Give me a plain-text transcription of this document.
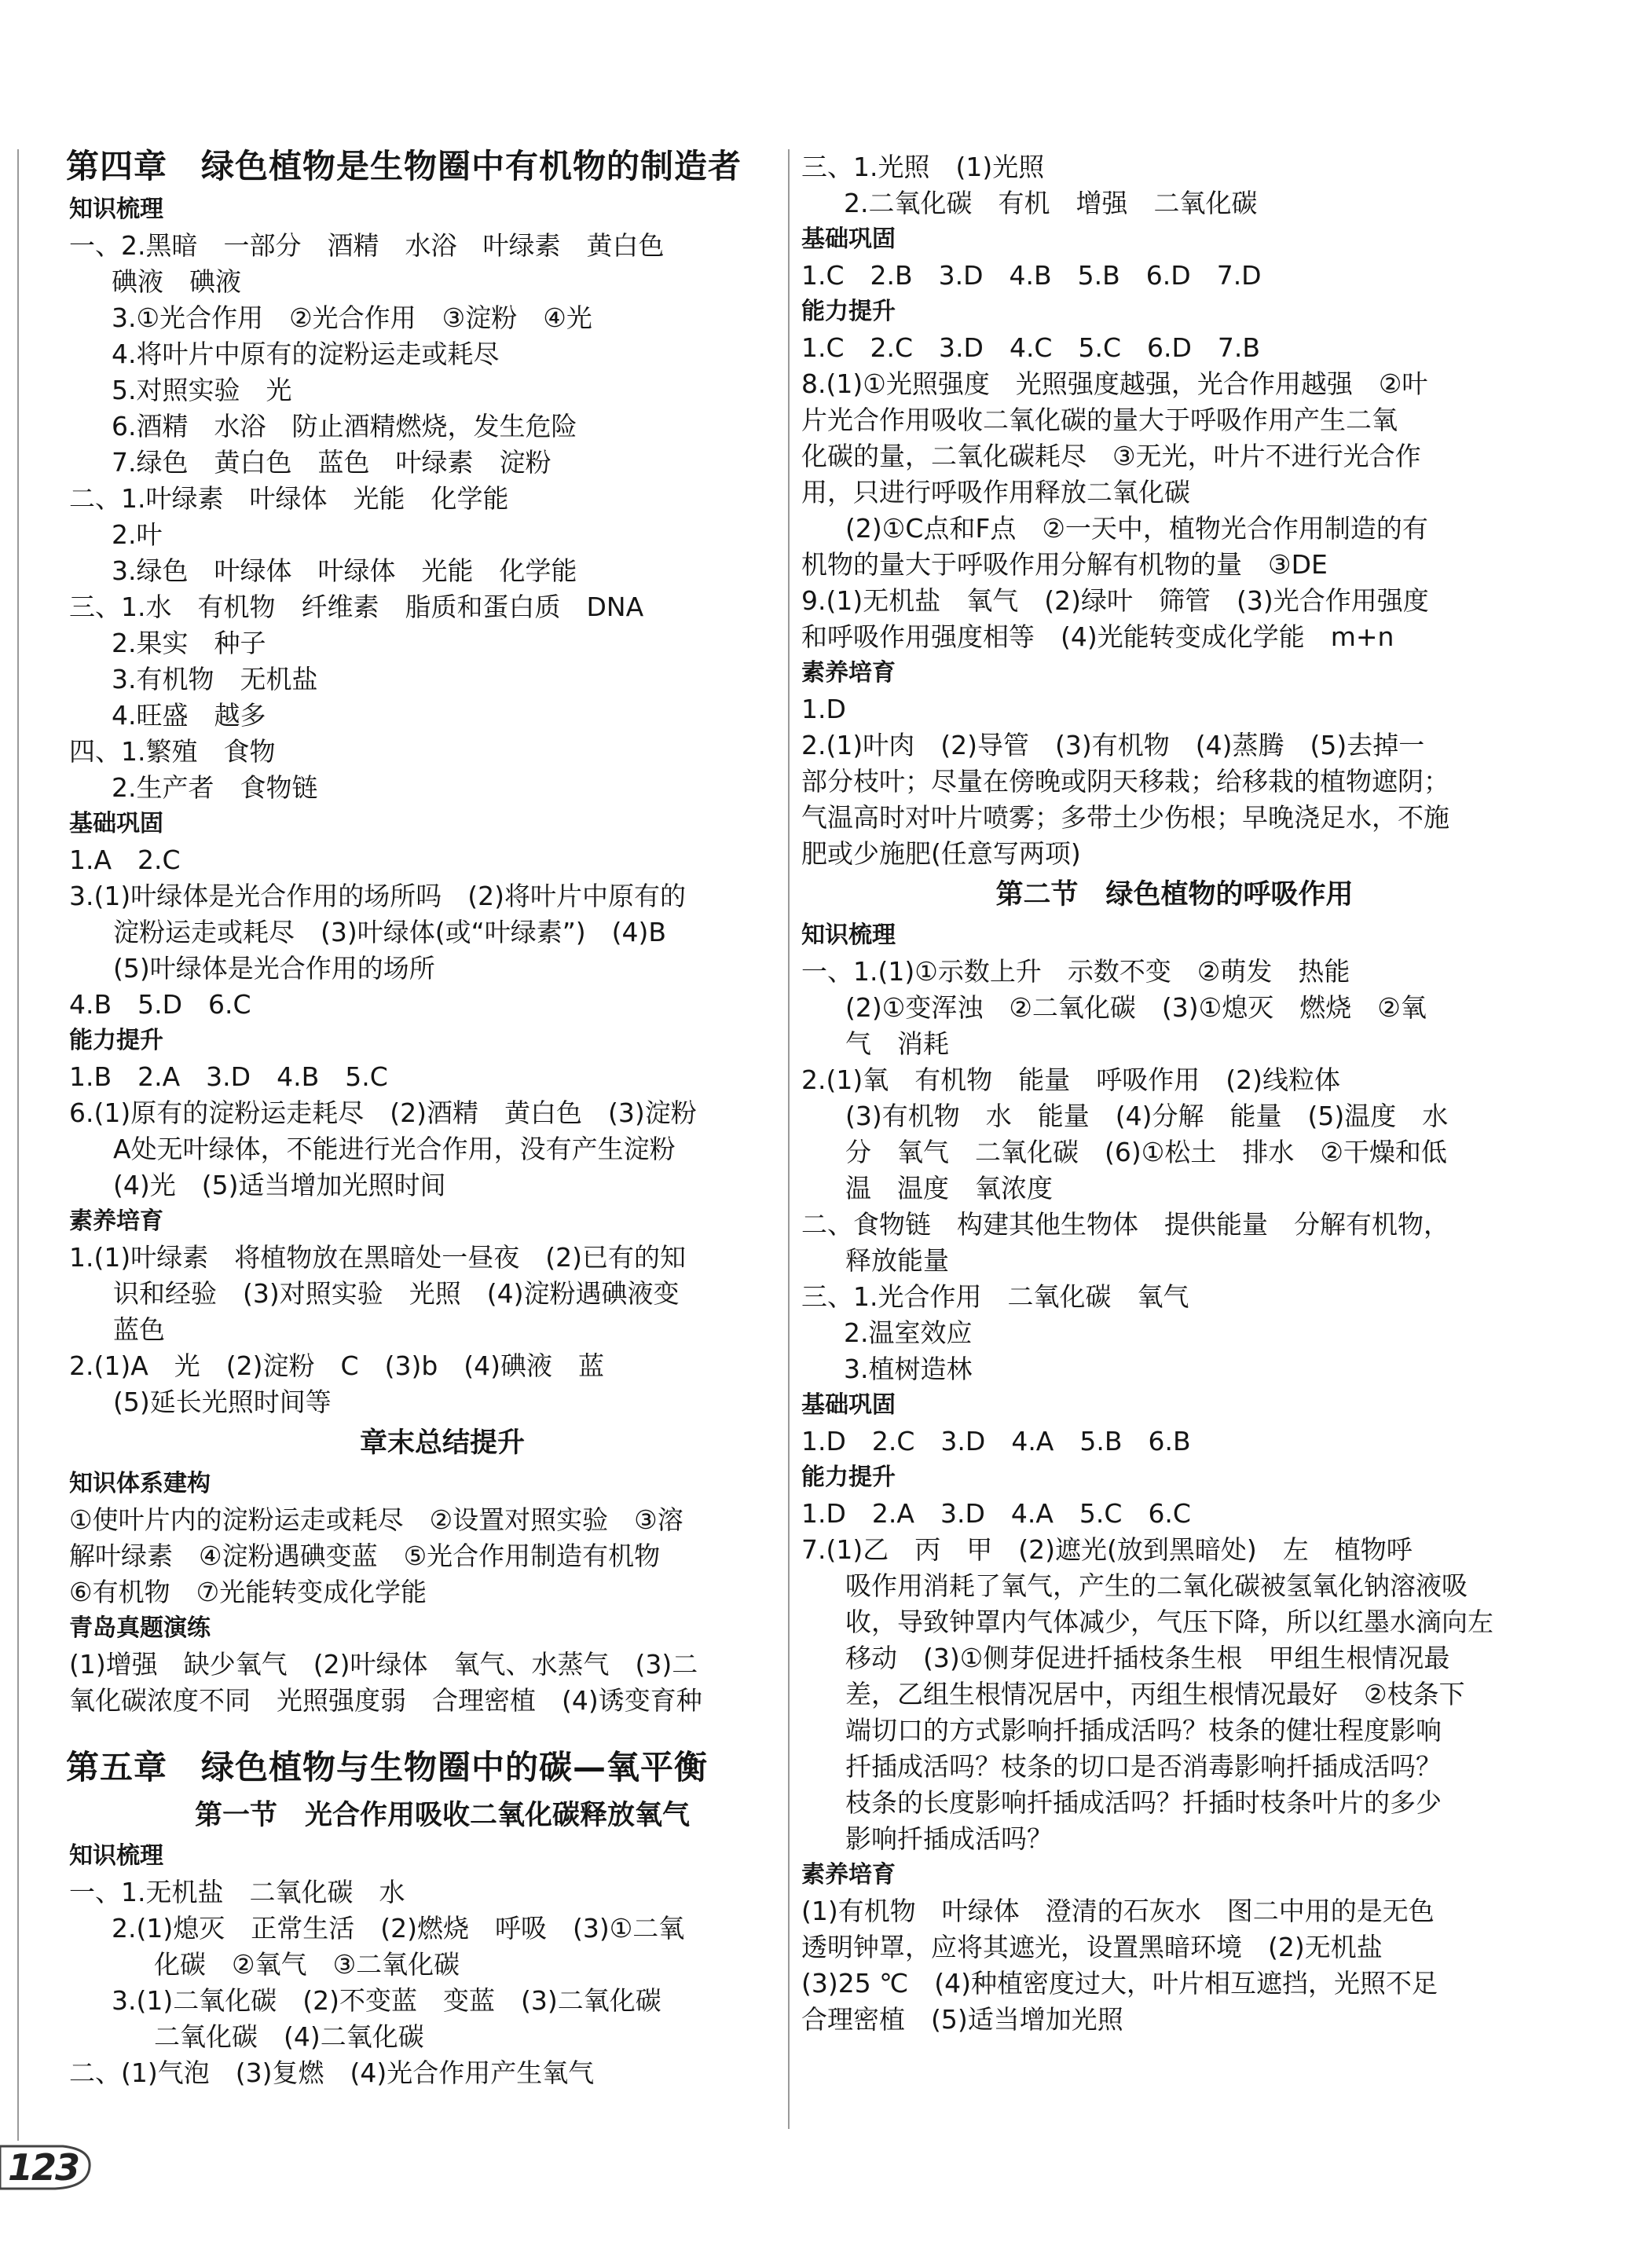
第四章　绿色植物是生物圈中有机物的制造者
知识梳理
一、2.黑暗　一部分　酒精　水浴　叶绿素　黄白色
碘液　碘液
3.①光合作用　②光合作用　③淀粉　④光
4.将叶片中原有的淀粉运走或耗尽
5.对照实验　光
6.酒精　水浴　防止酒精燃烧，发生危险
7.绿色　黄白色　蓝色　叶绿素　淀粉
二、1.叶绿素　叶绿体　光能　化学能
2.叶
3.绿色　叶绿体　叶绿体　光能　化学能
三、1.水　有机物　纤维素　脂质和蛋白质　DNA
2.果实　种子
3.有机物　无机盐
4.旺盛　越多
四、1.繁殖　食物
2.生产者　食物链
基础巩固
1.A　2.C
3.(1)叶绿体是光合作用的场所吗　(2)将叶片中原有的
淀粉运走或耗尽　(3)叶绿体(或“叶绿素”)　(4)B
(5)叶绿体是光合作用的场所
4.B　5.D　6.C
能力提升
1.B　2.A　3.D　4.B　5.C
6.(1)原有的淀粉运走耗尽　(2)酒精　黄白色　(3)淀粉
A处无叶绿体，不能进行光合作用，没有产生淀粉
(4)光　(5)适当增加光照时间
素养培育
1.(1)叶绿素　将植物放在黑暗处一昼夜　(2)已有的知
识和经验　(3)对照实验　光照　(4)淀粉遇碘液变
蓝色
2.(1)A　光　(2)淀粉　C　(3)b　(4)碘液　蓝
(5)延长光照时间等
章末总结提升
知识体系建构
①使叶片内的淀粉运走或耗尽　②设置对照实验　③溶
解叶绿素　④淀粉遇碘变蓝　⑤光合作用制造有机物
⑥有机物　⑦光能转变成化学能
青岛真题演练
(1)增强　缺少氧气　(2)叶绿体　氧气、水蒸气　(3)二
氧化碳浓度不同　光照强度弱　合理密植　(4)诱变育种
第五章　绿色植物与生物圈中的碳—氧平衡
第一节　光合作用吸收二氧化碳释放氧气
知识梳理
一、1.无机盐　二氧化碳　水
2.(1)熄灭　正常生活　(2)燃烧　呼吸　(3)①二氧
化碳　②氧气　③二氧化碳
3.(1)二氧化碳　(2)不变蓝　变蓝　(3)二氧化碳
二氧化碳　(4)二氧化碳
二、(1)气泡　(3)复燃　(4)光合作用产生氧气
三、1.光照　(1)光照
2.二氧化碳　有机　增强　二氧化碳
基础巩固
1.C　2.B　3.D　4.B　5.B　6.D　7.D
能力提升
1.C　2.C　3.D　4.C　5.C　6.D　7.B
8.(1)①光照强度　光照强度越强，光合作用越强　②叶
片光合作用吸收二氧化碳的量大于呼吸作用产生二氧
化碳的量，二氧化碳耗尽　③无光，叶片不进行光合作
用，只进行呼吸作用释放二氧化碳
(2)①C点和F点　②一天中，植物光合作用制造的有
机物的量大于呼吸作用分解有机物的量　③DE
9.(1)无机盐　氧气　(2)绿叶　筛管　(3)光合作用强度
和呼吸作用强度相等　(4)光能转变成化学能　m+n
素养培育
1.D
2.(1)叶肉　(2)导管　(3)有机物　(4)蒸腾　(5)去掉一
部分枝叶；尽量在傍晚或阴天移栽；给移栽的植物遮阴；
气温高时对叶片喷雾；多带土少伤根；早晚浇足水，不施
肥或少施肥(任意写两项)
第二节　绿色植物的呼吸作用
知识梳理
一、1.(1)①示数上升　示数不变　②萌发　热能
(2)①变浑浊　②二氧化碳　(3)①熄灭　燃烧　②氧
气　消耗
2.(1)氧　有机物　能量　呼吸作用　(2)线粒体
(3)有机物　水　能量　(4)分解　能量　(5)温度　水
分　氧气　二氧化碳　(6)①松土　排水　②干燥和低
温　温度　氧浓度
二、食物链　构建其他生物体　提供能量　分解有机物，
释放能量
三、1.光合作用　二氧化碳　氧气
2.温室效应
3.植树造林
基础巩固
1.D　2.C　3.D　4.A　5.B　6.B
能力提升
1.D　2.A　3.D　4.A　5.C　6.C
7.(1)乙　丙　甲　(2)遮光(放到黑暗处)　左　植物呼
吸作用消耗了氧气，产生的二氧化碳被氢氧化钠溶液吸
收，导致钟罩内气体减少，气压下降，所以红墨水滴向左
移动　(3)①侧芽促进扦插枝条生根　甲组生根情况最
差，乙组生根情况居中，丙组生根情况最好　②枝条下
端切口的方式影响扦插成活吗？枝条的健壮程度影响
扦插成活吗？枝条的切口是否消毒影响扦插成活吗？
枝条的长度影响扦插成活吗？扦插时枝条叶片的多少
影响扦插成活吗？
素养培育
(1)有机物　叶绿体　澄清的石灰水　图二中用的是无色
透明钟罩，应将其遮光，设置黑暗环境　(2)无机盐
(3)25 ℃　(4)种植密度过大，叶片相互遮挡，光照不足
合理密植　(5)适当增加光照
123
